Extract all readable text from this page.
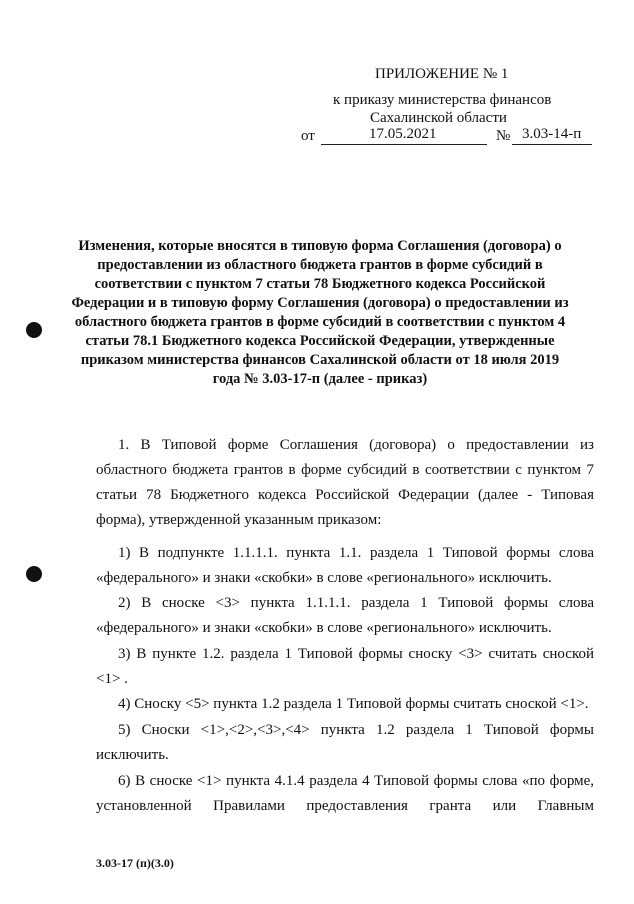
ПРИЛОЖЕНИЕ № 1
к приказу министерства финансов
Сахалинской области
от	17.05.2021	№ 3.03-14-п
Изменения, которые вносятся в типовую форма Соглашения (договора) о предоставлении из областного бюджета грантов в форме субсидий в соответствии с пунктом 7 статьи 78 Бюджетного кодекса Российской Федерации и в типовую форму Соглашения (договора) о предоставлении из областного бюджета грантов в форме субсидий в соответствии с пунктом 4 статьи 78.1 Бюджетного кодекса Российской Федерации, утвержденные приказом министерства финансов Сахалинской области от 18 июля 2019 года № 3.03-17-п (далее - приказ)
1. В Типовой форме Соглашения (договора) о предоставлении из областного бюджета грантов в форме субсидий в соответствии с пунктом 7 статьи 78 Бюджетного кодекса Российской Федерации (далее - Типовая форма), утвержденной указанным приказом:
1) В подпункте 1.1.1.1. пункта 1.1. раздела 1 Типовой формы слова «федерального» и знаки «скобки» в слове «регионального» исключить.
2) В сноске <3> пункта 1.1.1.1. раздела 1 Типовой формы слова «федерального» и знаки «скобки» в слове «регионального» исключить.
3) В пункте 1.2. раздела 1 Типовой формы сноску <3> считать сноской <1> .
4) Сноску <5> пункта 1.2 раздела 1 Типовой формы считать сноской <1>.
5) Сноски <1>,<2>,<3>,<4> пункта 1.2 раздела 1 Типовой формы исключить.
6) В сноске <1> пункта 4.1.4 раздела 4 Типовой формы слова «по форме, установленной Правилами предоставления гранта или Главным
3.03-17 (п)(3.0)
